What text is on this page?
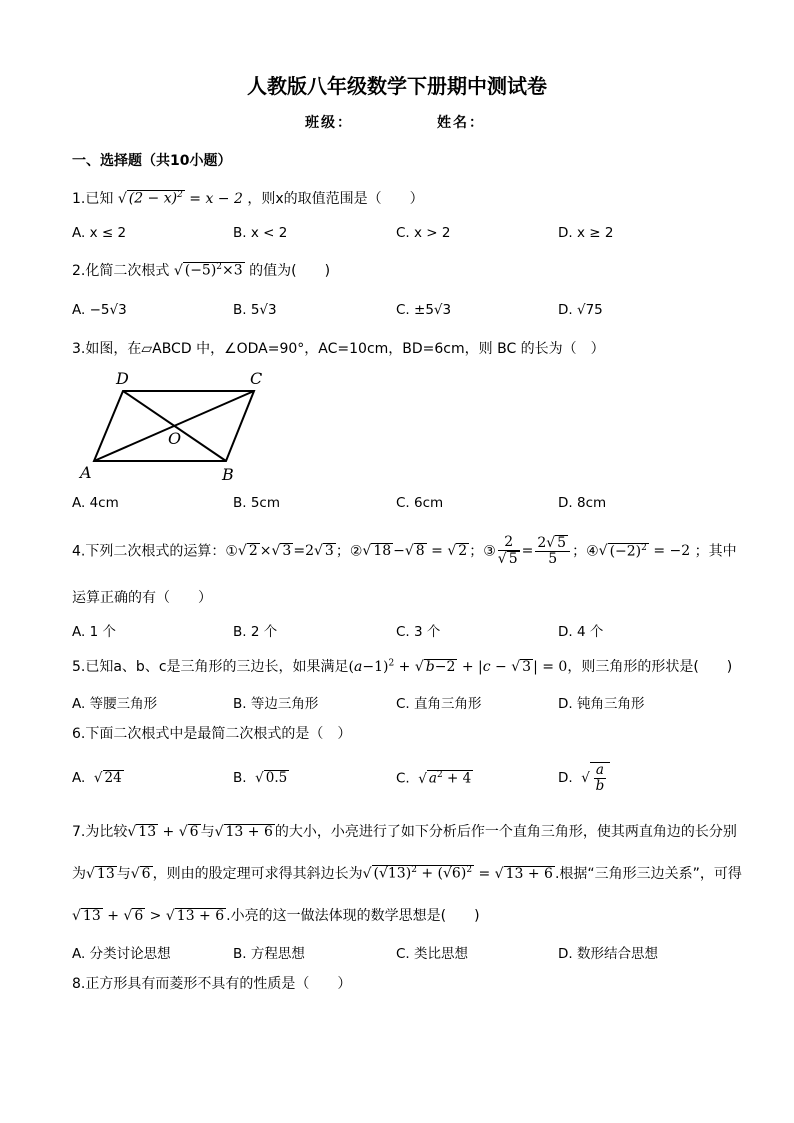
人教版八年级数学下册期中测试卷
班级：	姓名：
一、选择题（共10小题）
1.已知 √ $(2 - x)^2 = x - 2$ ，则x的取值范围是（　　）
A. x ≤ 2	B. x < 2	C. x > 2	D. x ≥ 2
2.化简二次根式 √ $(-5)^2\times 3$ 的值为(　　)
A. −5√3	B. 5√3	C. ±5√3	D. √75
3.如图，在▱ABCD 中，∠ODA=90°，AC=10cm，BD=6cm，则 BC 的长为（　）
D	C
A	B
O
A. 4cm	B. 5cm	C. 6cm	D. 8cm
4.下列二次根式的运算：①√ 2 ×√ 3 =2√ 3 ；②√ 18 −√ 8 = √ 2 ；③ $\frac{2}{√ 5} = \frac{2√ 5}{5}$ ；④√ $(-2)^2 = -2$ ；其中
运算正确的有（　　）
A. 1 个	B. 2 个	C. 3 个	D. 4 个
5.已知a、b、c是三角形的三边长，如果满足$(a-1)^2$ + √ b−2 + |c − √ 3 | = 0，则三角形的形状是(　　)
A. 等腰三角形	B. 等边三角形	C. 直角三角形	D. 钝角三角形
6.下面二次根式中是最简二次根式的是（　）
A.  √ 24	B.  √ 0.5	C.  √ $a^2 + 4$	D.  √ $\frac{a}{b}$
7.为比较√ 13 + √ 6 与√ 13 + 6 的大小，小亮进行了如下分析后作一个直角三角形，使其两直角边的长分别
为√ 13 与√ 6 ，则由的股定理可求得其斜边长为√ $(√13)^2 + (√6)^2$ = √ 13 + 6 .根据“三角形三边关系”，可得
√ 13 + √ 6 > √ 13 + 6 .小亮的这一做法体现的数学思想是(　　)
A. 分类讨论思想	B. 方程思想	C. 类比思想	D. 数形结合思想
8.正方形具有而菱形不具有的性质是（　　）
